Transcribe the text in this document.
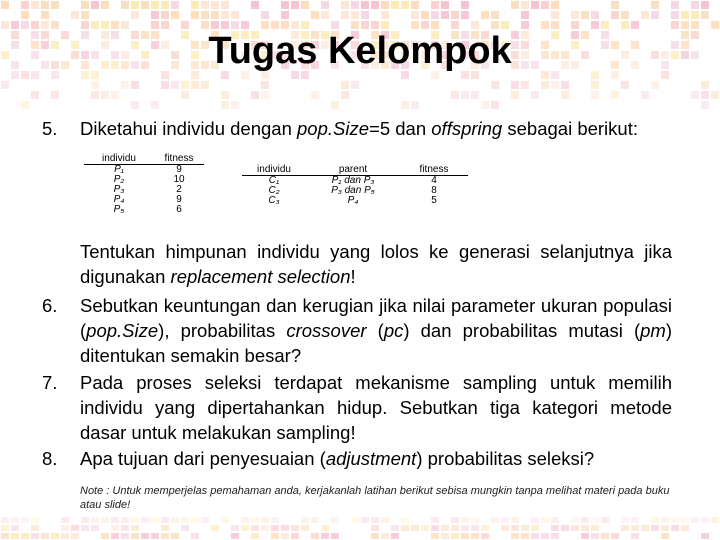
Tugas Kelompok
5. Diketahui individu dengan pop.Size=5 dan offspring sebagai berikut:
individu	fitness
P₁	9
P₂	10
P₃	2
P₄	9
P₅	6
individu	parent	fitness
C₁	P₁ dan P₃	4
C₂	P₃ dan P₅	8
C₃	P₄	5
Tentukan himpunan individu yang lolos ke generasi selanjutnya jika digunakan replacement selection!
6. Sebutkan keuntungan dan kerugian jika nilai parameter ukuran populasi (pop.Size), probabilitas crossover (pc) dan probabilitas mutasi (pm) ditentukan semakin besar?
7. Pada proses seleksi terdapat mekanisme sampling untuk memilih individu yang dipertahankan hidup. Sebutkan tiga kategori metode dasar untuk melakukan sampling!
8. Apa tujuan dari penyesuaian (adjustment) probabilitas seleksi?
Note : Untuk memperjelas pemahaman anda, kerjakanlah latihan berikut sebisa mungkin tanpa melihat materi pada buku atau slide!
